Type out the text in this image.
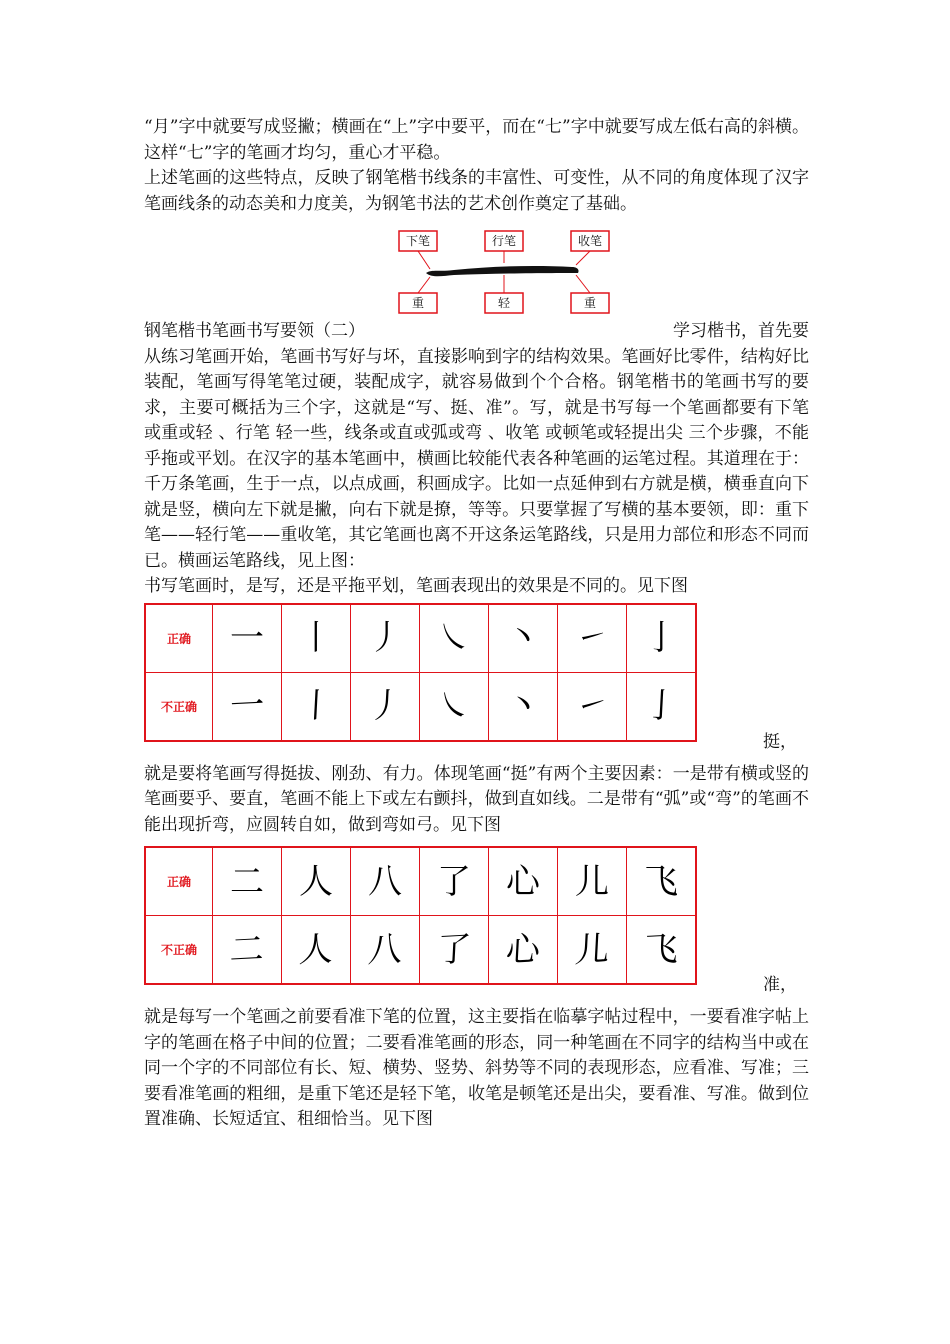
“月”字中就要写成竖撇；横画在“上”字中要平，而在“七”字中就要写成左低右高的斜横。这样“七”字的笔画才均匀，重心才平稳。

上述笔画的这些特点，反映了钢笔楷书线条的丰富性、可变性，从不同的角度体现了汉字笔画线条的动态美和力度美，为钢笔书法的艺术创作奠定了基础。

下笔	行笔	收笔
重	轻	重
钢笔楷书笔画书写要领（二）	学习楷书，首先要

从练习笔画开始，笔画书写好与坏，直接影响到字的结构效果。笔画好比零件，结构好比装配，笔画写得笔笔过硬，装配成字，就容易做到个个合格。钢笔楷书的笔画书写的要求，主要可概括为三个字，这就是“写、挺、准”。写，就是书写每一个笔画都要有下笔 或重或轻 、行笔 轻一些，线条或直或弧或弯 、收笔 或顿笔或轻提出尖 三个步骤，不能乎拖或平划。在汉字的基本笔画中，横画比较能代表各种笔画的运笔过程。其道理在于：千万条笔画，生于一点，以点成画，积画成字。比如一点延伸到右方就是横，横垂直向下就是竖，横向左下就是撇，向右下就是撩，等等。只要掌握了写横的基本要领，即：重下笔——轻行笔——重收笔，其它笔画也离不开这条运笔路线，只是用力部位和形态不同而已。横画运笔路线，见上图：

书写笔画时，是写，还是平拖平划，笔画表现出的效果是不同的。见下图

正确	一	丨	丿	㇏	丶	㇀	亅
不正确	一	丨	丿	㇏	丶	㇀	亅
挺，

就是要将笔画写得挺拔、刚劲、有力。体现笔画“挺”有两个主要因素：一是带有横或竖的笔画要乎、要直，笔画不能上下或左右颤抖，做到直如线。二是带有“弧”或“弯”的笔画不能出现折弯，应圆转自如，做到弯如弓。见下图

正确	二	人	八	了	心	儿	飞
不正确	二	人	八	了	心	儿	飞
准，

就是每写一个笔画之前要看准下笔的位置，这主要指在临摹字帖过程中，一要看准字帖上字的笔画在格子中间的位置；二要看准笔画的形态，同一种笔画在不同字的结构当中或在同一个字的不同部位有长、短、横势、竖势、斜势等不同的表现形态，应看准、写准；三要看准笔画的粗细，是重下笔还是轻下笔，收笔是顿笔还是出尖，要看准、写准。做到位置准确、长短适宜、租细恰当。见下图
